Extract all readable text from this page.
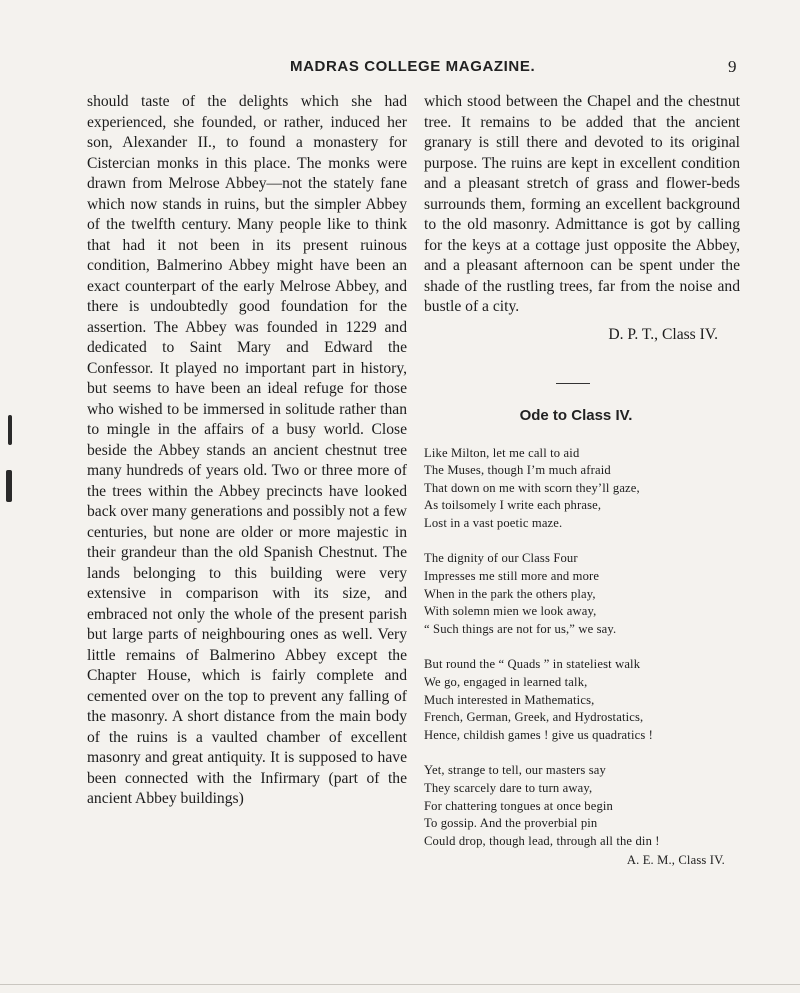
MADRAS COLLEGE MAGAZINE.	9

should taste of the delights which she had experienced, she founded, or rather, induced her son, Alexander II., to found a monastery for Cistercian monks in this place. The monks were drawn from Melrose Abbey—not the stately fane which now stands in ruins, but the simpler Abbey of the twelfth century. Many people like to think that had it not been in its present ruinous condition, Balmerino Abbey might have been an exact counterpart of the early Melrose Abbey, and there is undoubtedly good foundation for the assertion. The Abbey was founded in 1229 and dedicated to Saint Mary and Edward the Confessor. It played no important part in history, but seems to have been an ideal refuge for those who wished to be immersed in solitude rather than to mingle in the affairs of a busy world. Close beside the Abbey stands an ancient chestnut tree many hundreds of years old. Two or three more of the trees within the Abbey precincts have looked back over many generations and possibly not a few centuries, but none are older or more majestic in their grandeur than the old Spanish Chestnut. The lands belonging to this building were very extensive in comparison with its size, and embraced not only the whole of the present parish but large parts of neighbouring ones as well. Very little remains of Balmerino Abbey except the Chapter House, which is fairly complete and cemented over on the top to prevent any falling of the masonry. A short distance from the main body of the ruins is a vaulted chamber of excellent masonry and great antiquity. It is supposed to have been connected with the Infirmary (part of the ancient Abbey buildings)

which stood between the Chapel and the chestnut tree. It remains to be added that the ancient granary is still there and devoted to its original purpose. The ruins are kept in excellent condition and a pleasant stretch of grass and flower-beds surrounds them, forming an excellent background to the old masonry. Admittance is got by calling for the keys at a cottage just opposite the Abbey, and a pleasant afternoon can be spent under the shade of the rustling trees, far from the noise and bustle of a city.

D. P. T., Class IV.

Ode to Class IV.

Like Milton, let me call to aid
The Muses, though I’m much afraid
That down on me with scorn they’ll gaze,
As toilsomely I write each phrase,
Lost in a vast poetic maze.
The dignity of our Class Four
Impresses me still more and more
When in the park the others play,
With solemn mien we look away,
“ Such things are not for us,” we say.
But round the “ Quads ” in stateliest walk
We go, engaged in learned talk,
Much interested in Mathematics,
French, German, Greek, and Hydrostatics,
Hence, childish games ! give us quadratics !
Yet, strange to tell, our masters say
They scarcely dare to turn away,
For chattering tongues at once begin
To gossip. And the proverbial pin
Could drop, though lead, through all the din !
A. E. M., Class IV.
